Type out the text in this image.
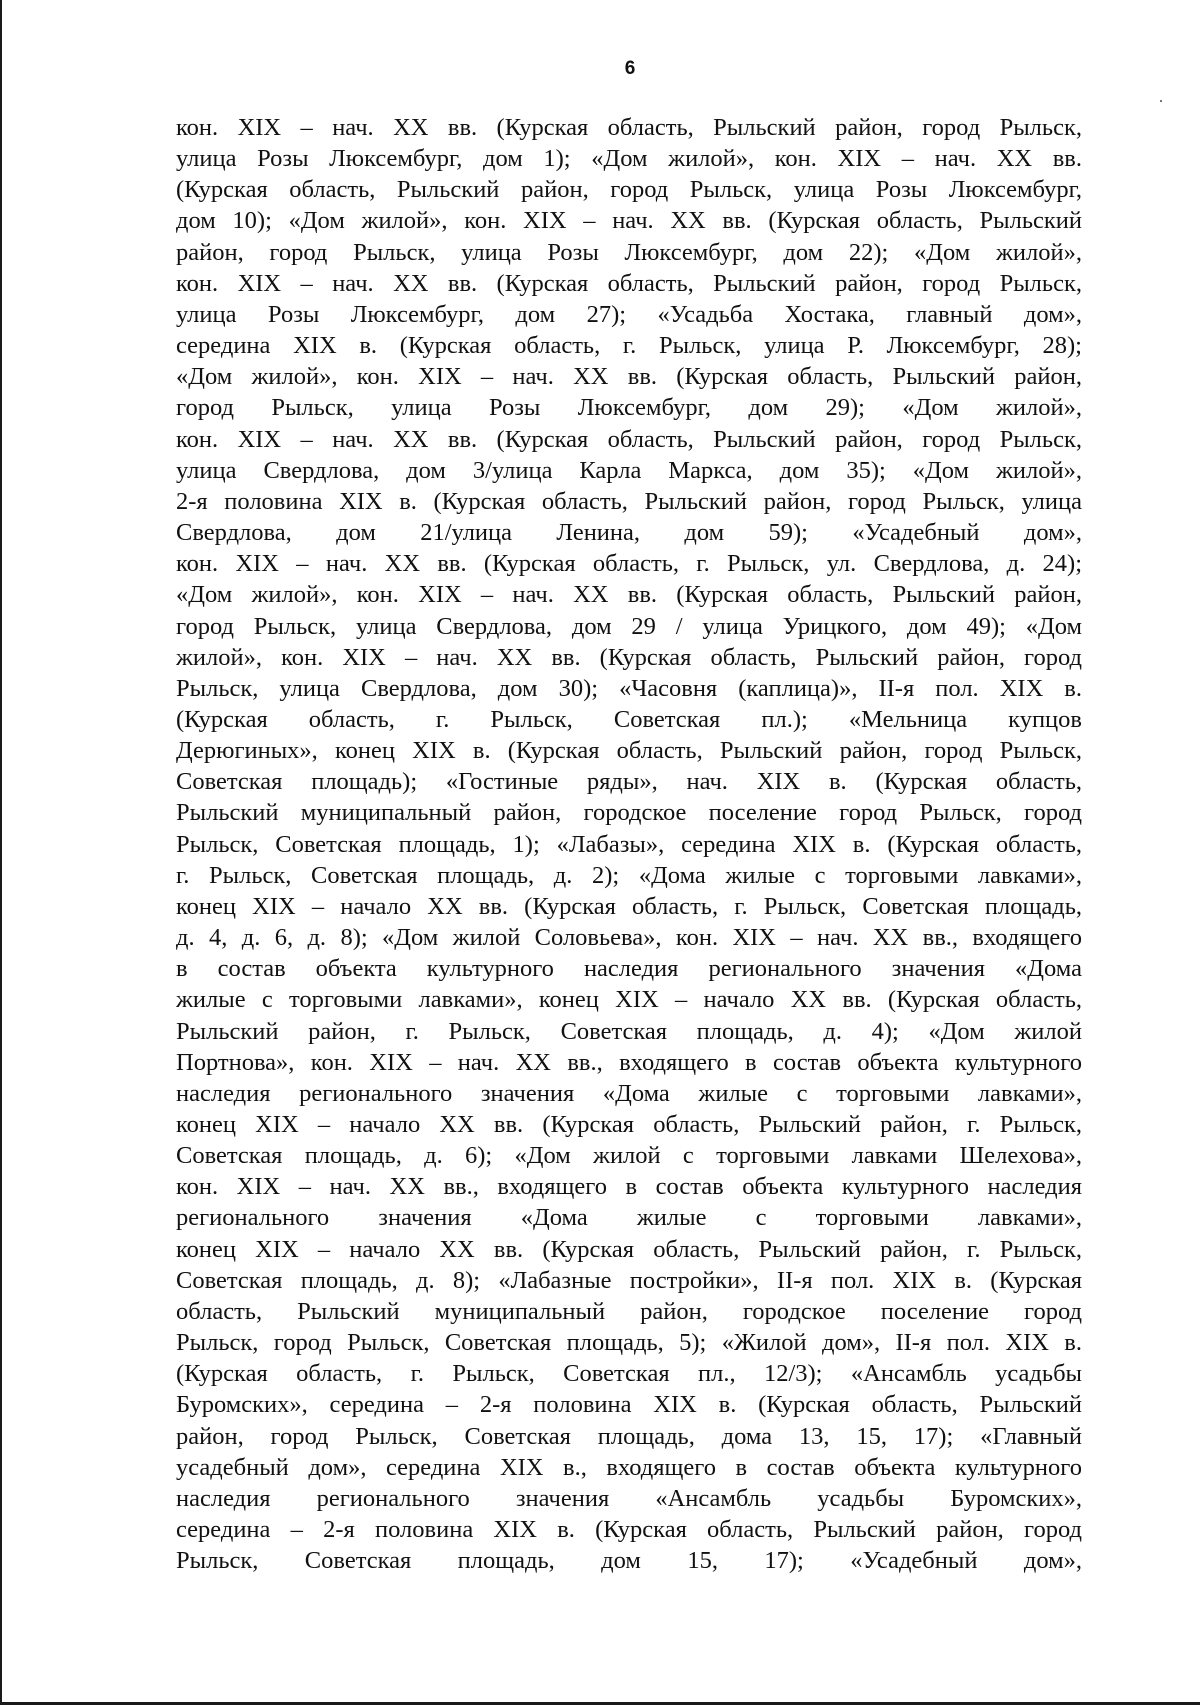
6
кон. XIX – нач. XX вв. (Курская область, Рыльский район, город Рыльск,
улица Розы Люксембург, дом 1); «Дом жилой», кон. XIX – нач. XX вв.
(Курская область, Рыльский район, город Рыльск, улица Розы Люксембург,
дом 10); «Дом жилой», кон. XIX – нач. XX вв. (Курская область, Рыльский
район, город Рыльск, улица Розы Люксембург, дом 22); «Дом жилой»,
кон. XIX – нач. XX вв. (Курская область, Рыльский район, город Рыльск,
улица Розы Люксембург, дом 27); «Усадьба Хостака, главный дом»,
середина XIX в. (Курская область, г. Рыльск, улица Р. Люксембург, 28);
«Дом жилой», кон. XIX – нач. XX вв. (Курская область, Рыльский район,
город Рыльск, улица Розы Люксембург, дом 29); «Дом жилой»,
кон. XIX – нач. XX вв. (Курская область, Рыльский район, город Рыльск,
улица Свердлова, дом 3/улица Карла Маркса, дом 35); «Дом жилой»,
2-я половина XIX в. (Курская область, Рыльский район, город Рыльск, улица
Свердлова, дом 21/улица Ленина, дом 59); «Усадебный дом»,
кон. XIX – нач. XX вв. (Курская область, г. Рыльск, ул. Свердлова, д. 24);
«Дом жилой», кон. XIX – нач. XX вв. (Курская область, Рыльский район,
город Рыльск, улица Свердлова, дом 29 / улица Урицкого, дом 49); «Дом
жилой», кон. XIX – нач. XX вв. (Курская область, Рыльский район, город
Рыльск, улица Свердлова, дом 30); «Часовня (каплица)», II-я пол. XIX в.
(Курская область, г. Рыльск, Советская пл.); «Мельница купцов
Дерюгиных», конец XIX в. (Курская область, Рыльский район, город Рыльск,
Советская площадь); «Гостиные ряды», нач. XIX в. (Курская область,
Рыльский муниципальный район, городское поселение город Рыльск, город
Рыльск, Советская площадь, 1); «Лабазы», середина XIX в. (Курская область,
г. Рыльск, Советская площадь, д. 2); «Дома жилые с торговыми лавками»,
конец XIX – начало XX вв. (Курская область, г. Рыльск, Советская площадь,
д. 4, д. 6, д. 8); «Дом жилой Соловьева», кон. XIX – нач. XX вв., входящего
в состав объекта культурного наследия регионального значения «Дома
жилые с торговыми лавками», конец XIX – начало XX вв. (Курская область,
Рыльский район, г. Рыльск, Советская площадь, д. 4); «Дом жилой
Портнова», кон. XIX – нач. XX вв., входящего в состав объекта культурного
наследия регионального значения «Дома жилые с торговыми лавками»,
конец XIX – начало XX вв. (Курская область, Рыльский район, г. Рыльск,
Советская площадь, д. 6); «Дом жилой с торговыми лавками Шелехова»,
кон. XIX – нач. XX вв., входящего в состав объекта культурного наследия
регионального значения «Дома жилые с торговыми лавками»,
конец XIX – начало XX вв. (Курская область, Рыльский район, г. Рыльск,
Советская площадь, д. 8); «Лабазные постройки», II-я пол. XIX в. (Курская
область, Рыльский муниципальный район, городское поселение город
Рыльск, город Рыльск, Советская площадь, 5); «Жилой дом», II-я пол. XIX в.
(Курская область, г. Рыльск, Советская пл., 12/3); «Ансамбль усадьбы
Буромских», середина – 2-я половина XIX в. (Курская область, Рыльский
район, город Рыльск, Советская площадь, дома 13, 15, 17); «Главный
усадебный дом», середина XIX в., входящего в состав объекта культурного
наследия регионального значения «Ансамбль усадьбы Буромских»,
середина – 2-я половина XIX в. (Курская область, Рыльский район, город
Рыльск, Советская площадь, дом 15, 17); «Усадебный дом»,
